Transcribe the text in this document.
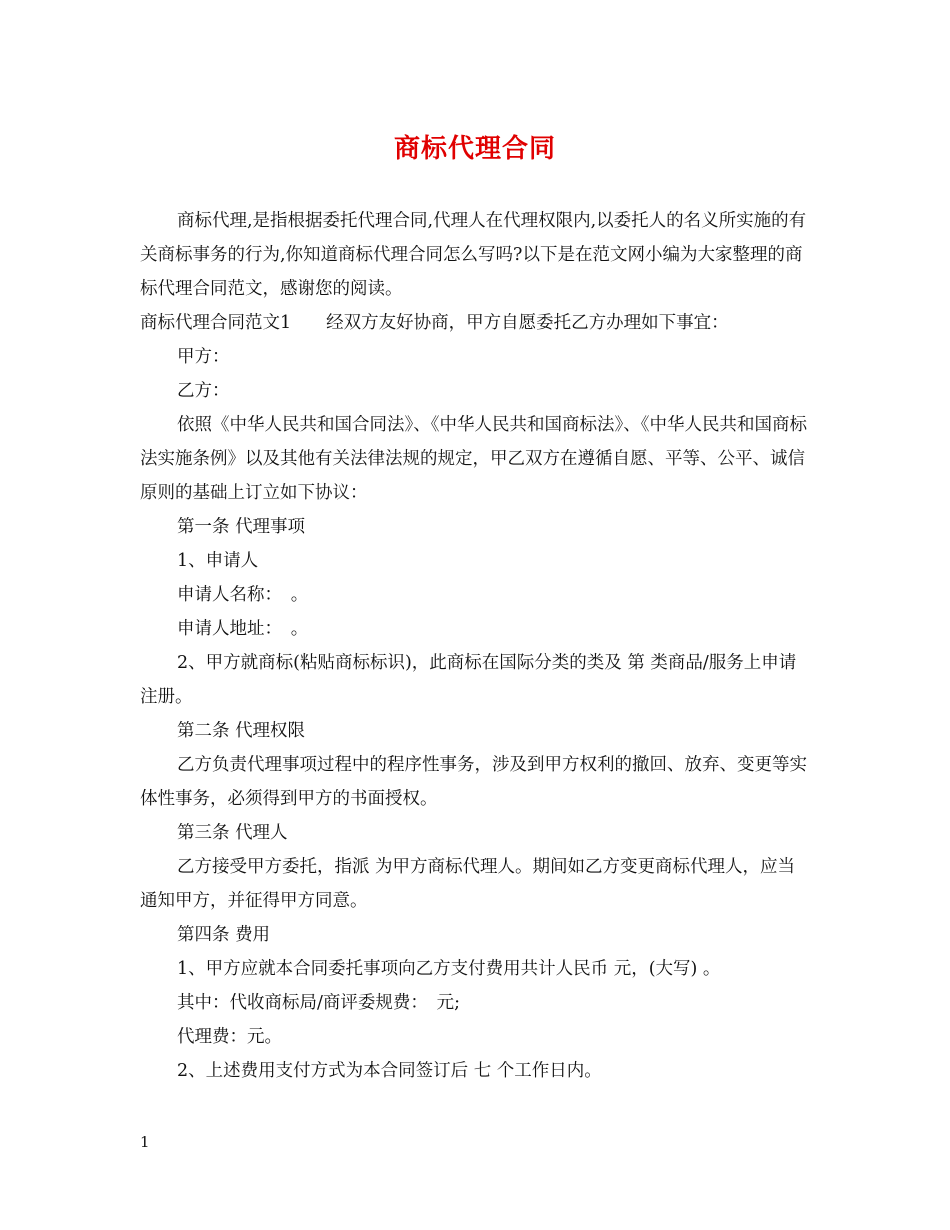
商标代理合同

商标代理,是指根据委托代理合同,代理人在代理权限内,以委托人的名义所实施的有关商标事务的行为,你知道商标代理合同怎么写吗?以下是在范文网小编为大家整理的商标代理合同范文，感谢您的阅读。

商标代理合同范文1　　经双方友好协商，甲方自愿委托乙方办理如下事宜：

甲方：

乙方：

依照《中华人民共和国合同法》、《中华人民共和国商标法》、《中华人民共和国商标法实施条例》以及其他有关法律法规的规定，甲乙双方在遵循自愿、平等、公平、诚信原则的基础上订立如下协议：

第一条 代理事项

1、申请人

申请人名称：　。

申请人地址：　。

2、甲方就商标(粘贴商标标识)，此商标在国际分类的类及 第 类商品/服务上申请注册。

第二条 代理权限

乙方负责代理事项过程中的程序性事务，涉及到甲方权利的撤回、放弃、变更等实体性事务，必须得到甲方的书面授权。

第三条 代理人

乙方接受甲方委托，指派 为甲方商标代理人。期间如乙方变更商标代理人，应当通知甲方，并征得甲方同意。

第四条 费用

1、甲方应就本合同委托事项向乙方支付费用共计人民币 元，(大写) 。

其中：代收商标局/商评委规费：　元;

代理费：元。

2、上述费用支付方式为本合同签订后 七 个工作日内。

1
